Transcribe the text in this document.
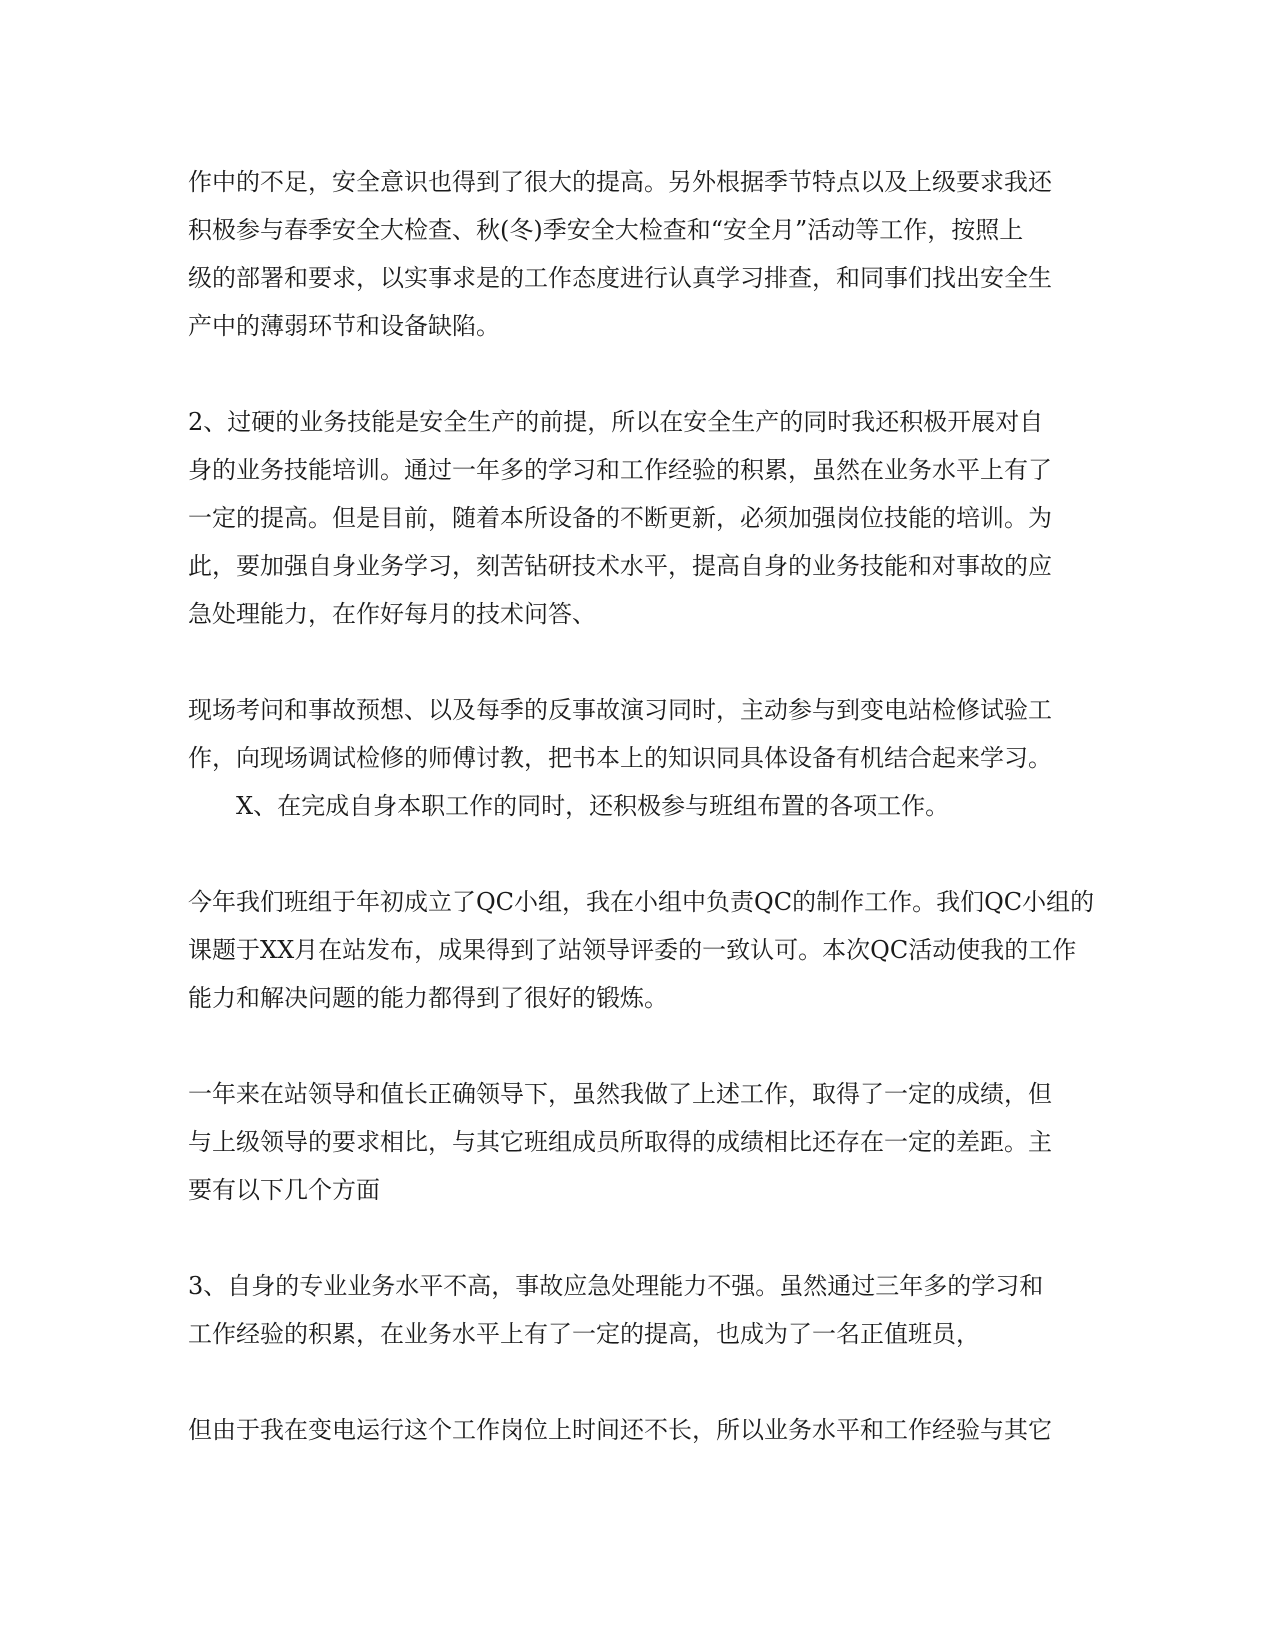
作中的不足，安全意识也得到了很大的提高。另外根据季节特点以及上级要求我还
积极参与春季安全大检查、秋(冬)季安全大检查和“安全月”活动等工作，按照上
级的部署和要求，以实事求是的工作态度进行认真学习排查，和同事们找出安全生
产中的薄弱环节和设备缺陷。

2、过硬的业务技能是安全生产的前提，所以在安全生产的同时我还积极开展对自
身的业务技能培训。通过一年多的学习和工作经验的积累，虽然在业务水平上有了
一定的提高。但是目前，随着本所设备的不断更新，必须加强岗位技能的培训。为
此，要加强自身业务学习，刻苦钻研技术水平，提高自身的业务技能和对事故的应
急处理能力，在作好每月的技术问答、

现场考问和事故预想、以及每季的反事故演习同时，主动参与到变电站检修试验工
作，向现场调试检修的师傅讨教，把书本上的知识同具体设备有机结合起来学习。

X、在完成自身本职工作的同时，还积极参与班组布置的各项工作。

今年我们班组于年初成立了QC小组，我在小组中负责QC的制作工作。我们QC小组的
课题于XX月在站发布，成果得到了站领导评委的一致认可。本次QC活动使我的工作
能力和解决问题的能力都得到了很好的锻炼。

一年来在站领导和值长正确领导下，虽然我做了上述工作，取得了一定的成绩，但
与上级领导的要求相比，与其它班组成员所取得的成绩相比还存在一定的差距。主
要有以下几个方面

3、自身的专业业务水平不高，事故应急处理能力不强。虽然通过三年多的学习和
工作经验的积累，在业务水平上有了一定的提高，也成为了一名正值班员，

但由于我在变电运行这个工作岗位上时间还不长，所以业务水平和工作经验与其它
